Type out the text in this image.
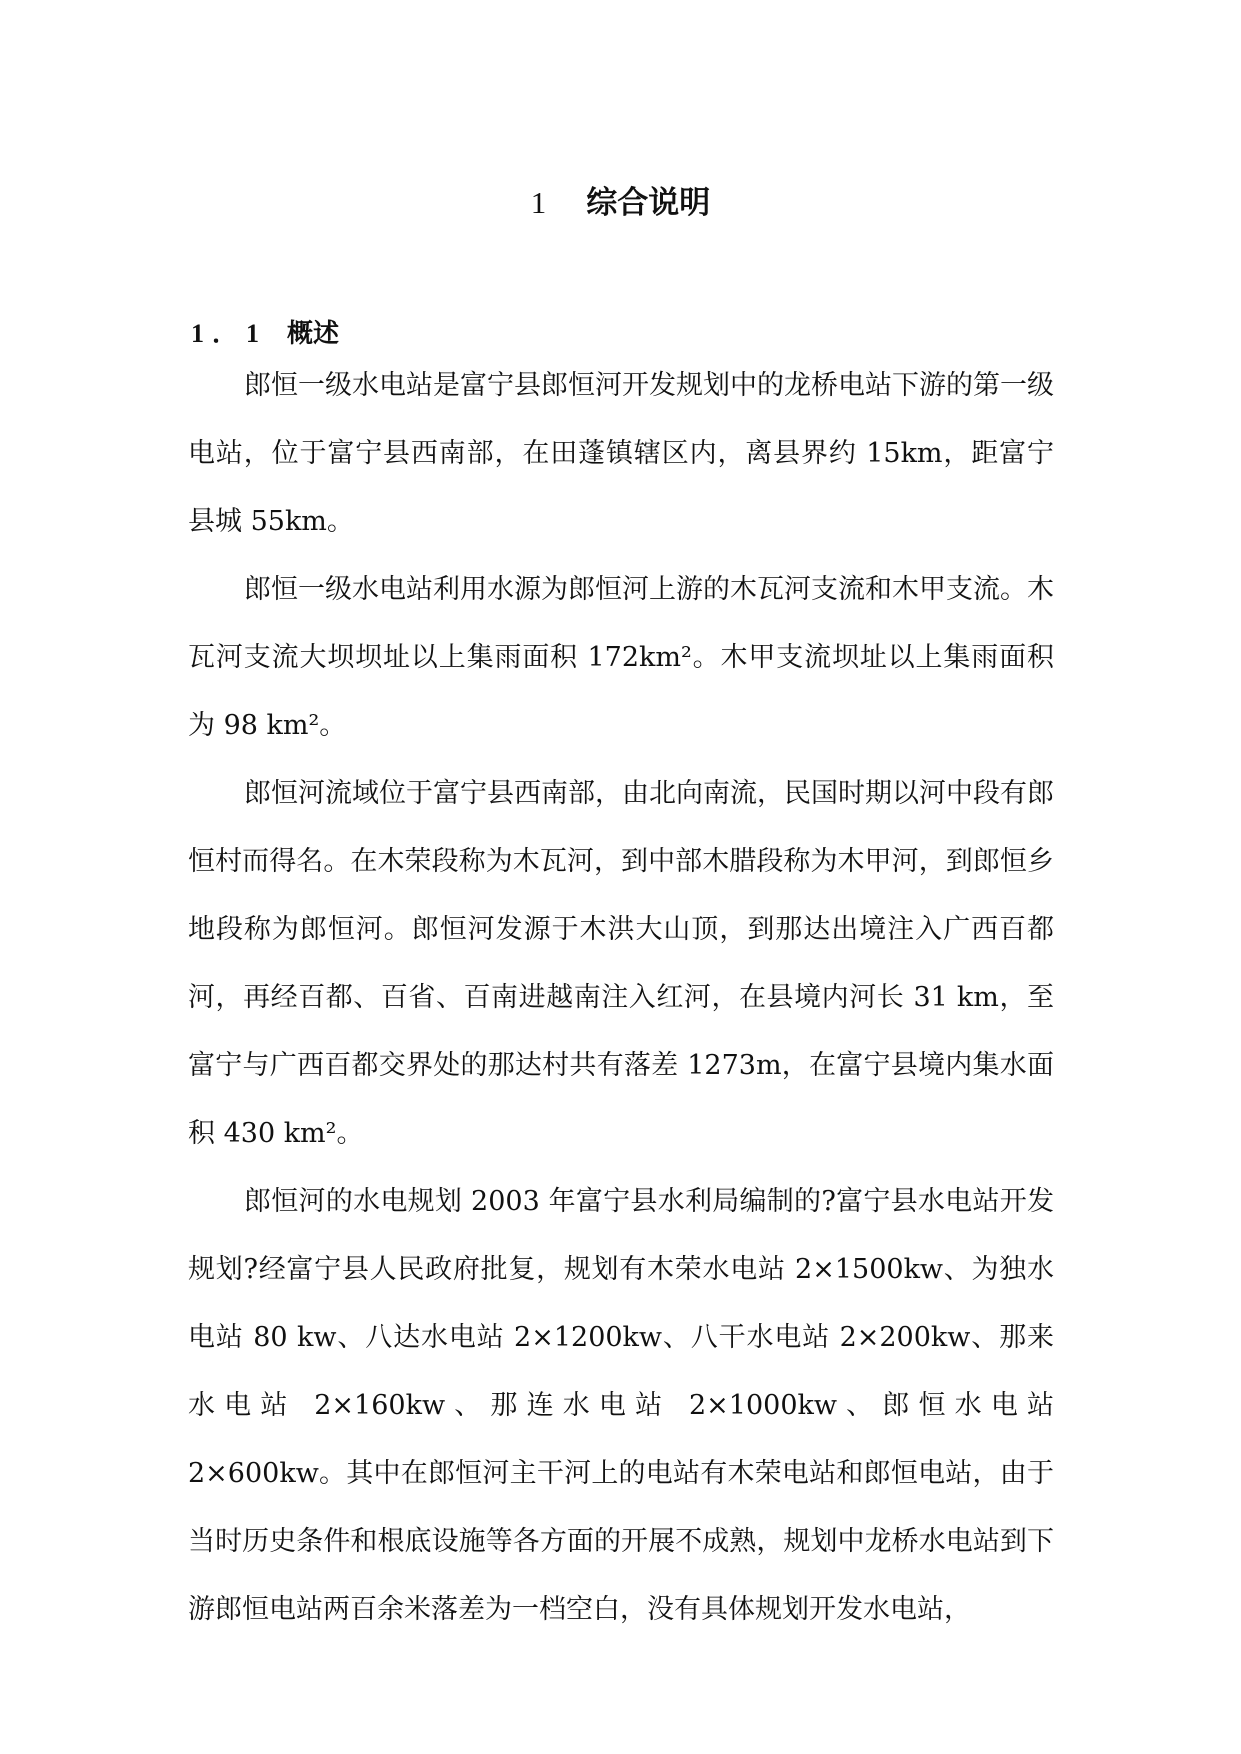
1 综合说明
1．1 概述

郎恒一级水电站是富宁县郎恒河开发规划中的龙桥电站下游的第一级电站，位于富宁县西南部，在田蓬镇辖区内，离县界约 15km，距富宁县城 55km。

郎恒一级水电站利用水源为郎恒河上游的木瓦河支流和木甲支流。木瓦河支流大坝坝址以上集雨面积 172km²。木甲支流坝址以上集雨面积为 98 km²。

郎恒河流域位于富宁县西南部，由北向南流，民国时期以河中段有郎恒村而得名。在木荣段称为木瓦河，到中部木腊段称为木甲河，到郎恒乡地段称为郎恒河。郎恒河发源于木洪大山顶，到那达出境注入广西百都河，再经百都、百省、百南进越南注入红河，在县境内河长 31 km，至富宁与广西百都交界处的那达村共有落差 1273m，在富宁县境内集水面积 430 km²。

郎恒河的水电规划 2003 年富宁县水利局编制的?富宁县水电站开发规划?经富宁县人民政府批复，规划有木荣水电站 2×1500kw、为独水电站 80 kw、八达水电站 2×1200kw、八干水电站 2×200kw、那来水电站 2×160kw、那连水电站 2×1000kw、郎恒水电站 2×600kw。其中在郎恒河主干河上的电站有木荣电站和郎恒电站，由于当时历史条件和根底设施等各方面的开展不成熟，规划中龙桥水电站到下游郎恒电站两百余米落差为一档空白，没有具体规划开发水电站，
